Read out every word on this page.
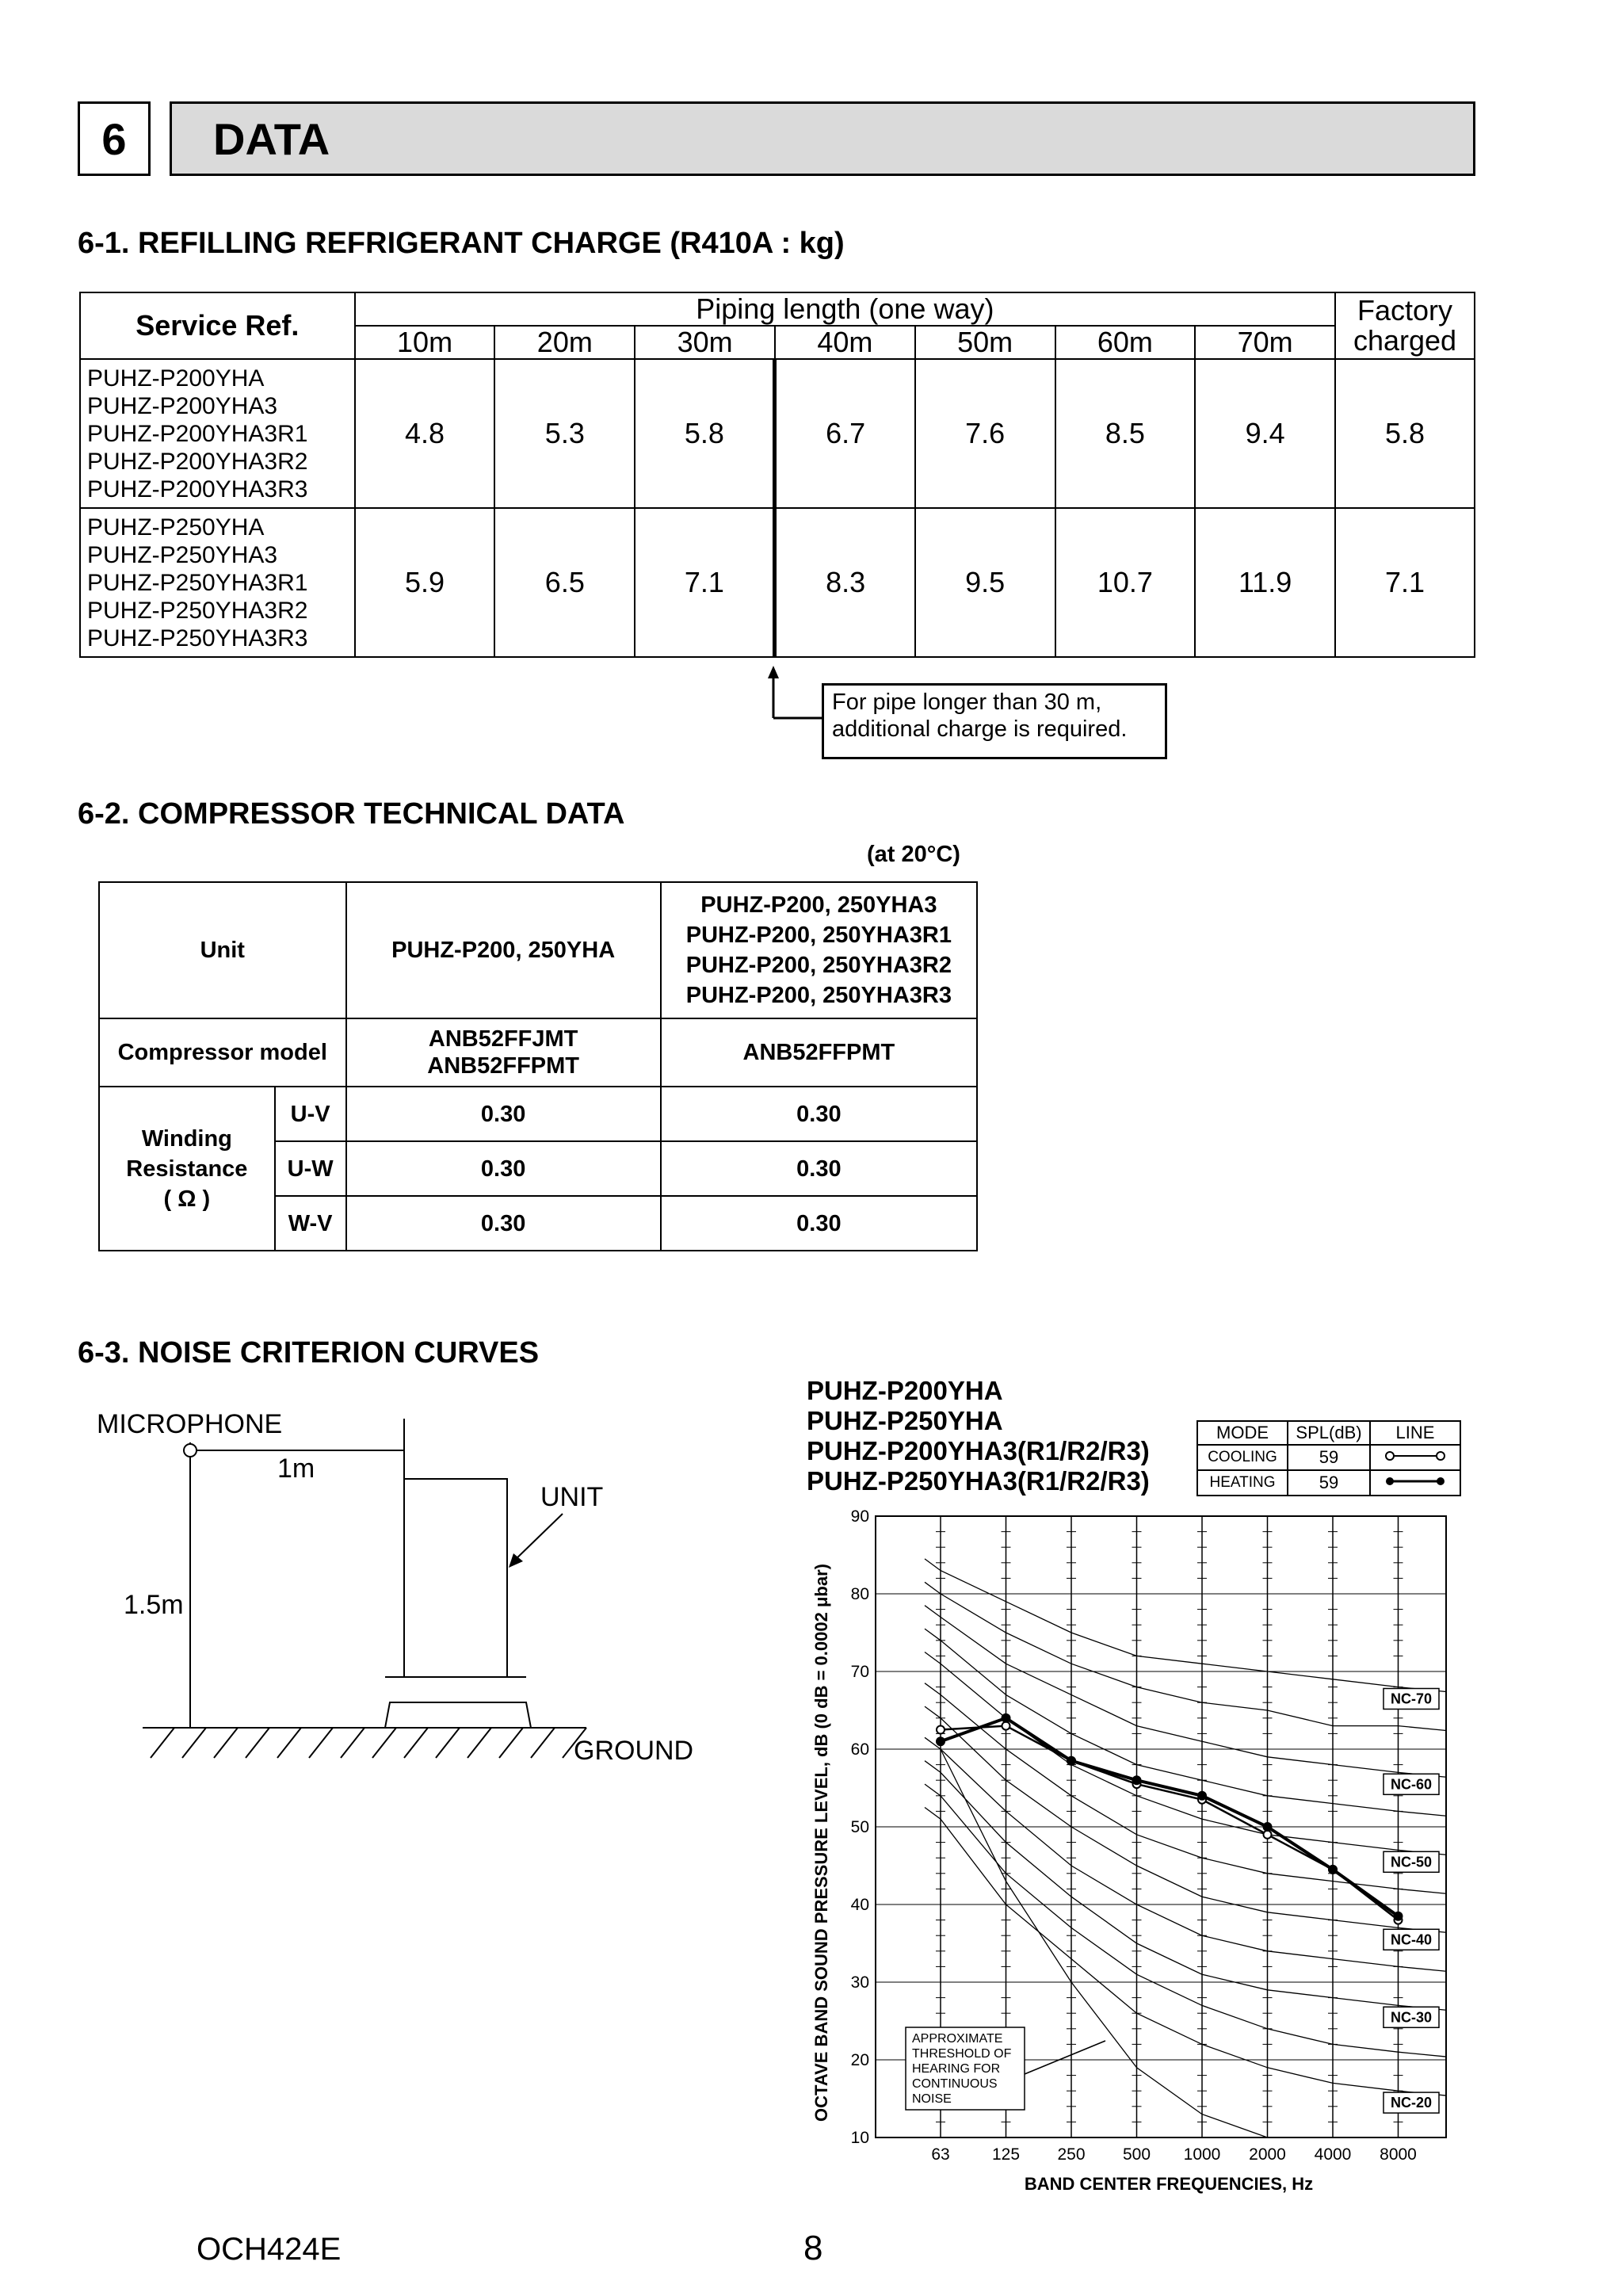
6	DATA
6-1. REFILLING REFRIGERANT CHARGE (R410A : kg)
Service Ref.	Piping length (one way)							Factory
charged
	10m	20m	30m	40m	50m	60m	70m	

PUHZ-P200YHA
PUHZ-P200YHA3
PUHZ-P200YHA3R1
PUHZ-P200YHA3R2
PUHZ-P200YHA3R3	4.8	5.3	5.8	6.7	7.6	8.5	9.4	5.8

PUHZ-P250YHA
PUHZ-P250YHA3
PUHZ-P250YHA3R1
PUHZ-P250YHA3R2
PUHZ-P250YHA3R3	5.9	6.5	7.1	8.3	9.5	10.7	11.9	7.1
For pipe longer than 30 m,
additional charge is required.
6-2. COMPRESSOR TECHNICAL DATA
(at 20°C)
Unit		PUHZ-P200, 250YHA	PUHZ-P200, 250YHA3
PUHZ-P200, 250YHA3R1
PUHZ-P200, 250YHA3R2
PUHZ-P200, 250YHA3R3

Compressor model		ANB52FFJMT
ANB52FFPMT	ANB52FFPMT

Winding
Resistance
( Ω )	U-V	0.30	0.30
	U-W	0.30	0.30
	W-V	0.30	0.30
6-3. NOISE CRITERION CURVES
MICROPHONE
1m
UNIT
1.5m
GROUND
PUHZ-P200YHA
PUHZ-P250YHA
PUHZ-P200YHA3(R1/R2/R3)
PUHZ-P250YHA3(R1/R2/R3)
MODE	SPL(dB)	LINE
COOLING	59	
HEATING	59	
10
20
30
40
50
60
70
80
90
63	125 250 500 1000 2000 4000 8000
NC-70
NC-60
NC-50
NC-40
NC-30
NC-20
APPROXIMATE
THRESHOLD OF
HEARING FOR
CONTINUOUS
NOISE
OCTAVE BAND SOUND PRESSURE LEVEL, dB (0 dB = 0.0002 μbar)
BAND CENTER FREQUENCIES, Hz
OCH424E	8
